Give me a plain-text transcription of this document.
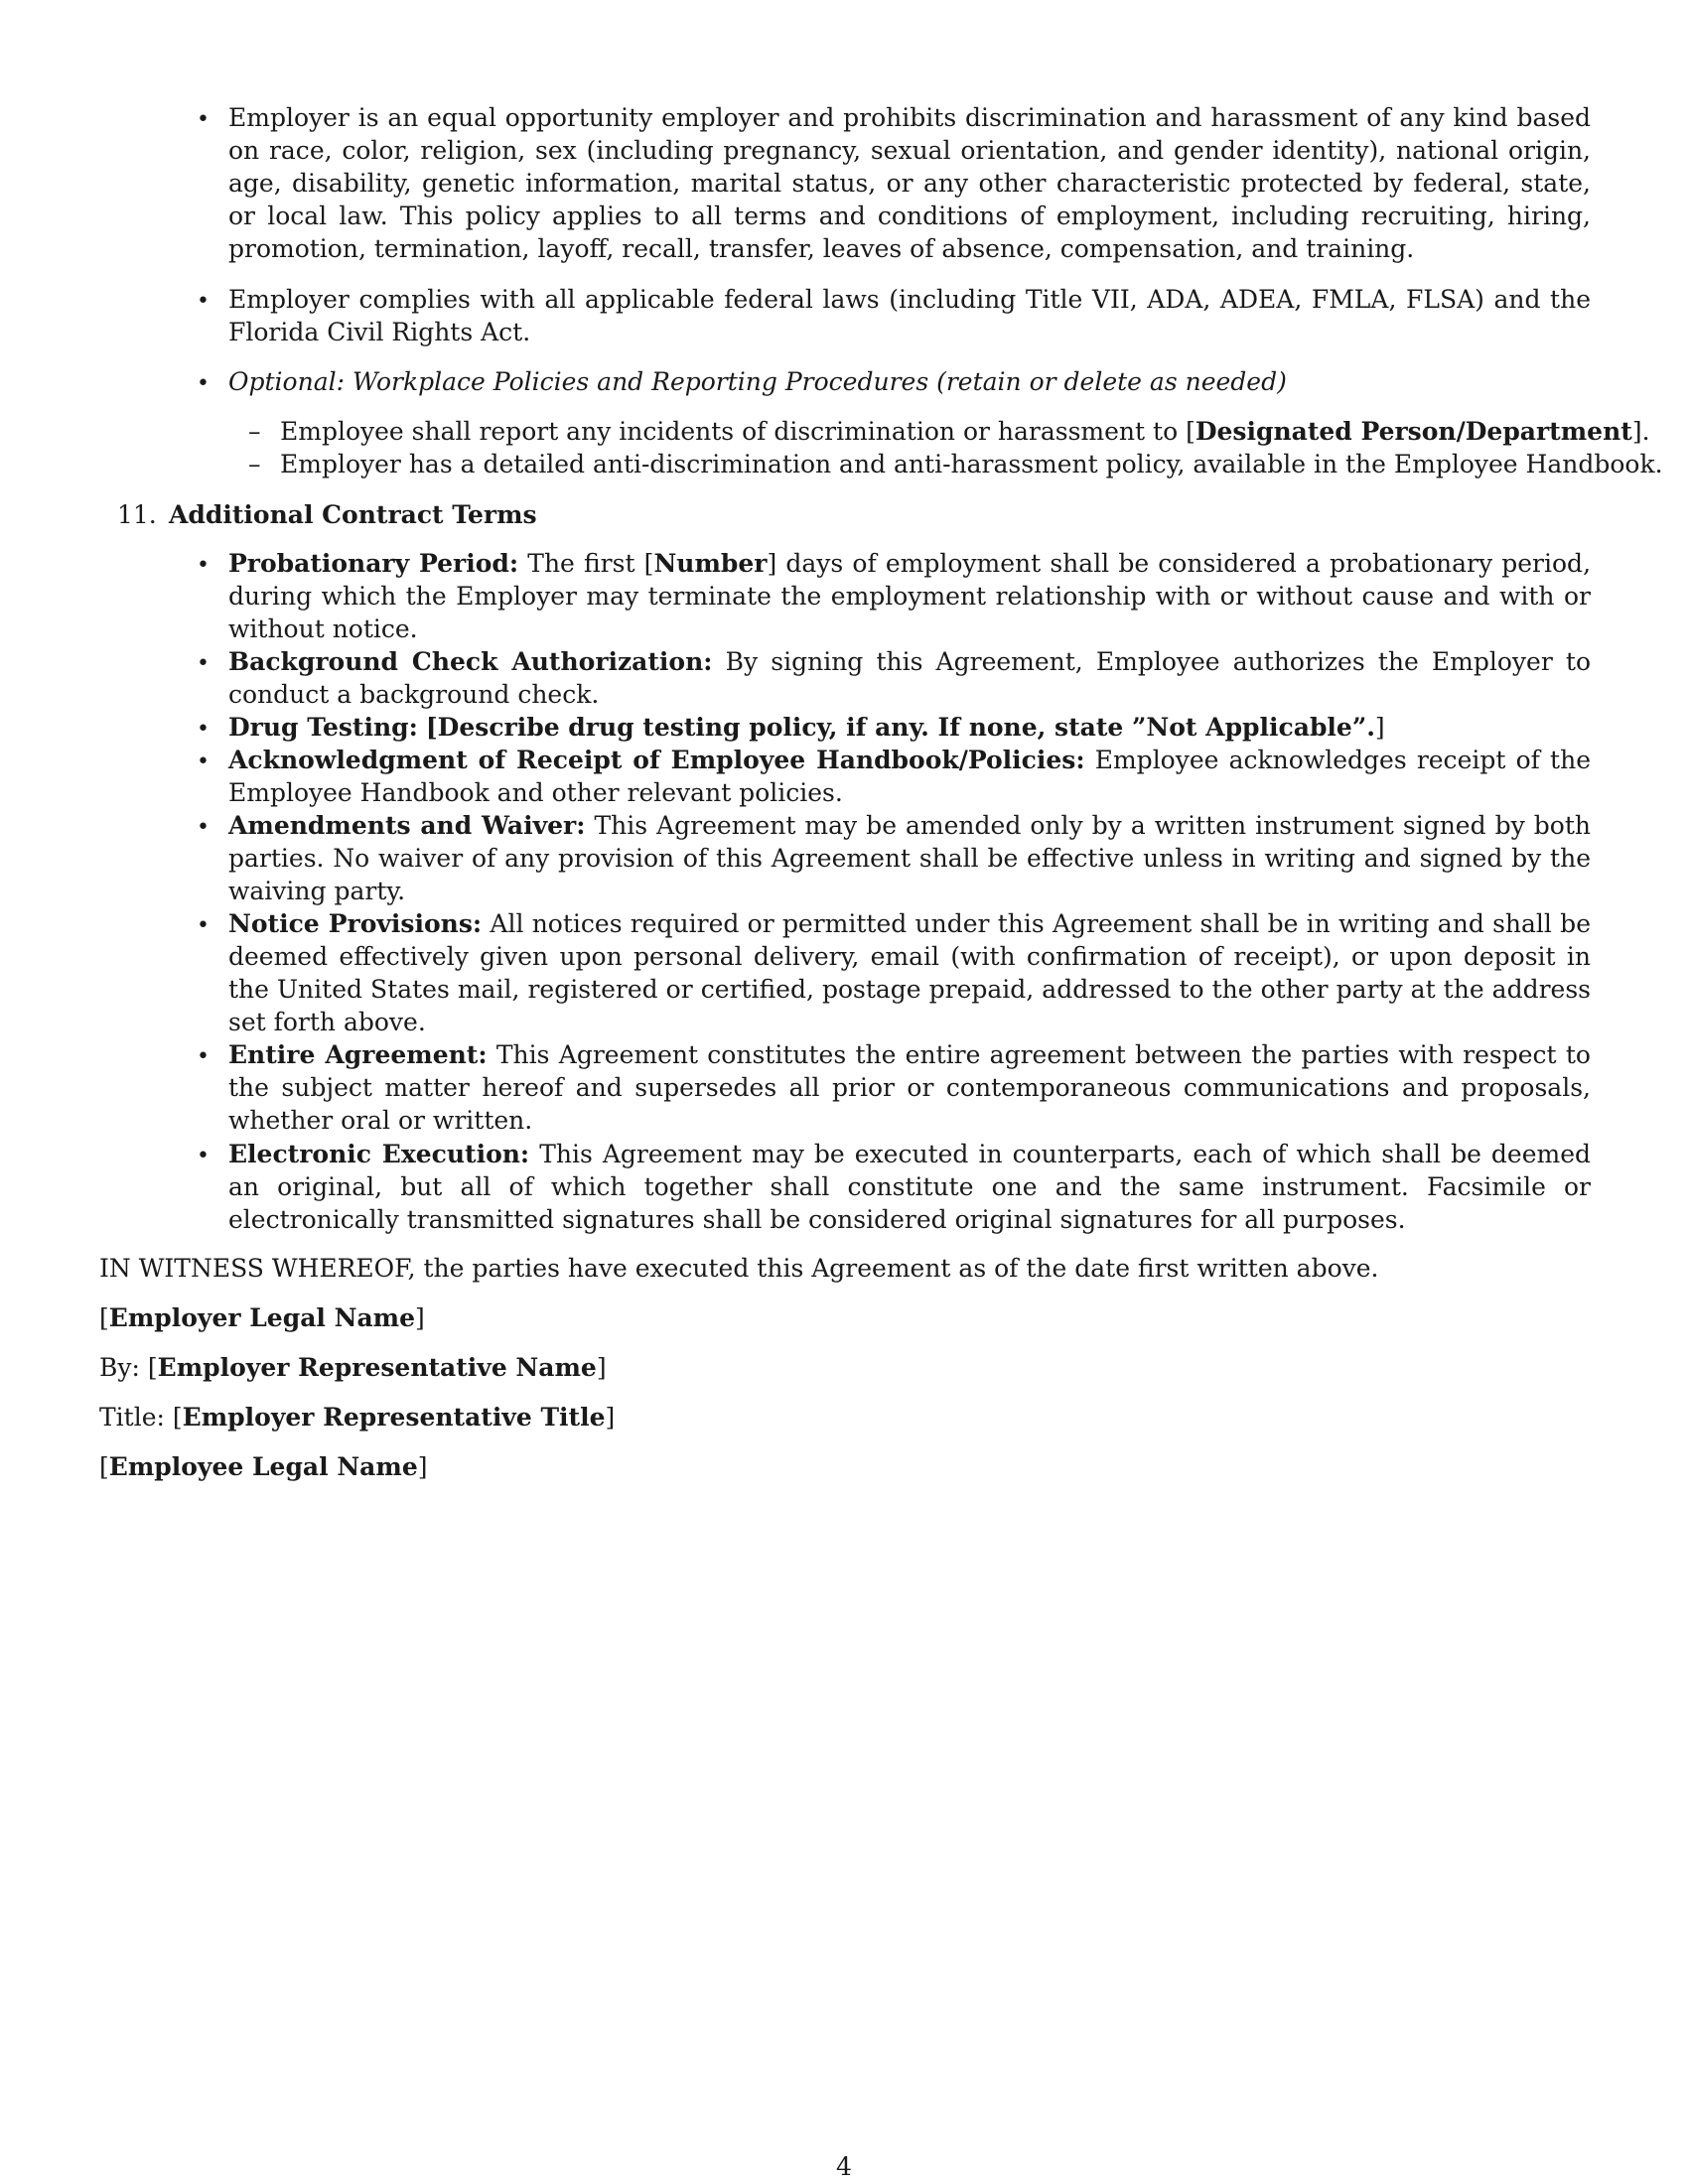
• Employer is an equal opportunity employer and prohibits discrimination and harassment of any kind based on race, color, religion, sex (including pregnancy, sexual orientation, and gender identity), national origin, age, disability, genetic information, marital status, or any other characteristic protected by federal, state, or local law. This policy applies to all terms and conditions of employment, including recruiting, hiring, promotion, termination, layoff, recall, transfer, leaves of absence, compensation, and training.
• Employer complies with all applicable federal laws (including Title VII, ADA, ADEA, FMLA, FLSA) and the Florida Civil Rights Act.
• Optional: Workplace Policies and Reporting Procedures (retain or delete as needed)
– Employee shall report any incidents of discrimination or harassment to [Designated Person/Department].
– Employer has a detailed anti-discrimination and anti-harassment policy, available in the Employee Handbook.
11. Additional Contract Terms
• Probationary Period: The first [Number] days of employment shall be considered a probationary period, during which the Employer may terminate the employment relationship with or without cause and with or without notice.
• Background Check Authorization: By signing this Agreement, Employee authorizes the Employer to conduct a background check.
• Drug Testing: [Describe drug testing policy, if any. If none, state ”Not Applicable”.]
• Acknowledgment of Receipt of Employee Handbook/Policies: Employee acknowledges receipt of the Employee Handbook and other relevant policies.
• Amendments and Waiver: This Agreement may be amended only by a written instrument signed by both parties. No waiver of any provision of this Agreement shall be effective unless in writing and signed by the waiving party.
• Notice Provisions: All notices required or permitted under this Agreement shall be in writing and shall be deemed effectively given upon personal delivery, email (with confirmation of receipt), or upon deposit in the United States mail, registered or certified, postage prepaid, addressed to the other party at the address set forth above.
• Entire Agreement: This Agreement constitutes the entire agreement between the parties with respect to the subject matter hereof and supersedes all prior or contemporaneous communications and proposals, whether oral or written.
• Electronic Execution: This Agreement may be executed in counterparts, each of which shall be deemed an original, but all of which together shall constitute one and the same instrument. Facsimile or electronically transmitted signatures shall be considered original signatures for all purposes.
IN WITNESS WHEREOF, the parties have executed this Agreement as of the date first written above.
[Employer Legal Name]
By: [Employer Representative Name]
Title: [Employer Representative Title]
[Employee Legal Name]
4
